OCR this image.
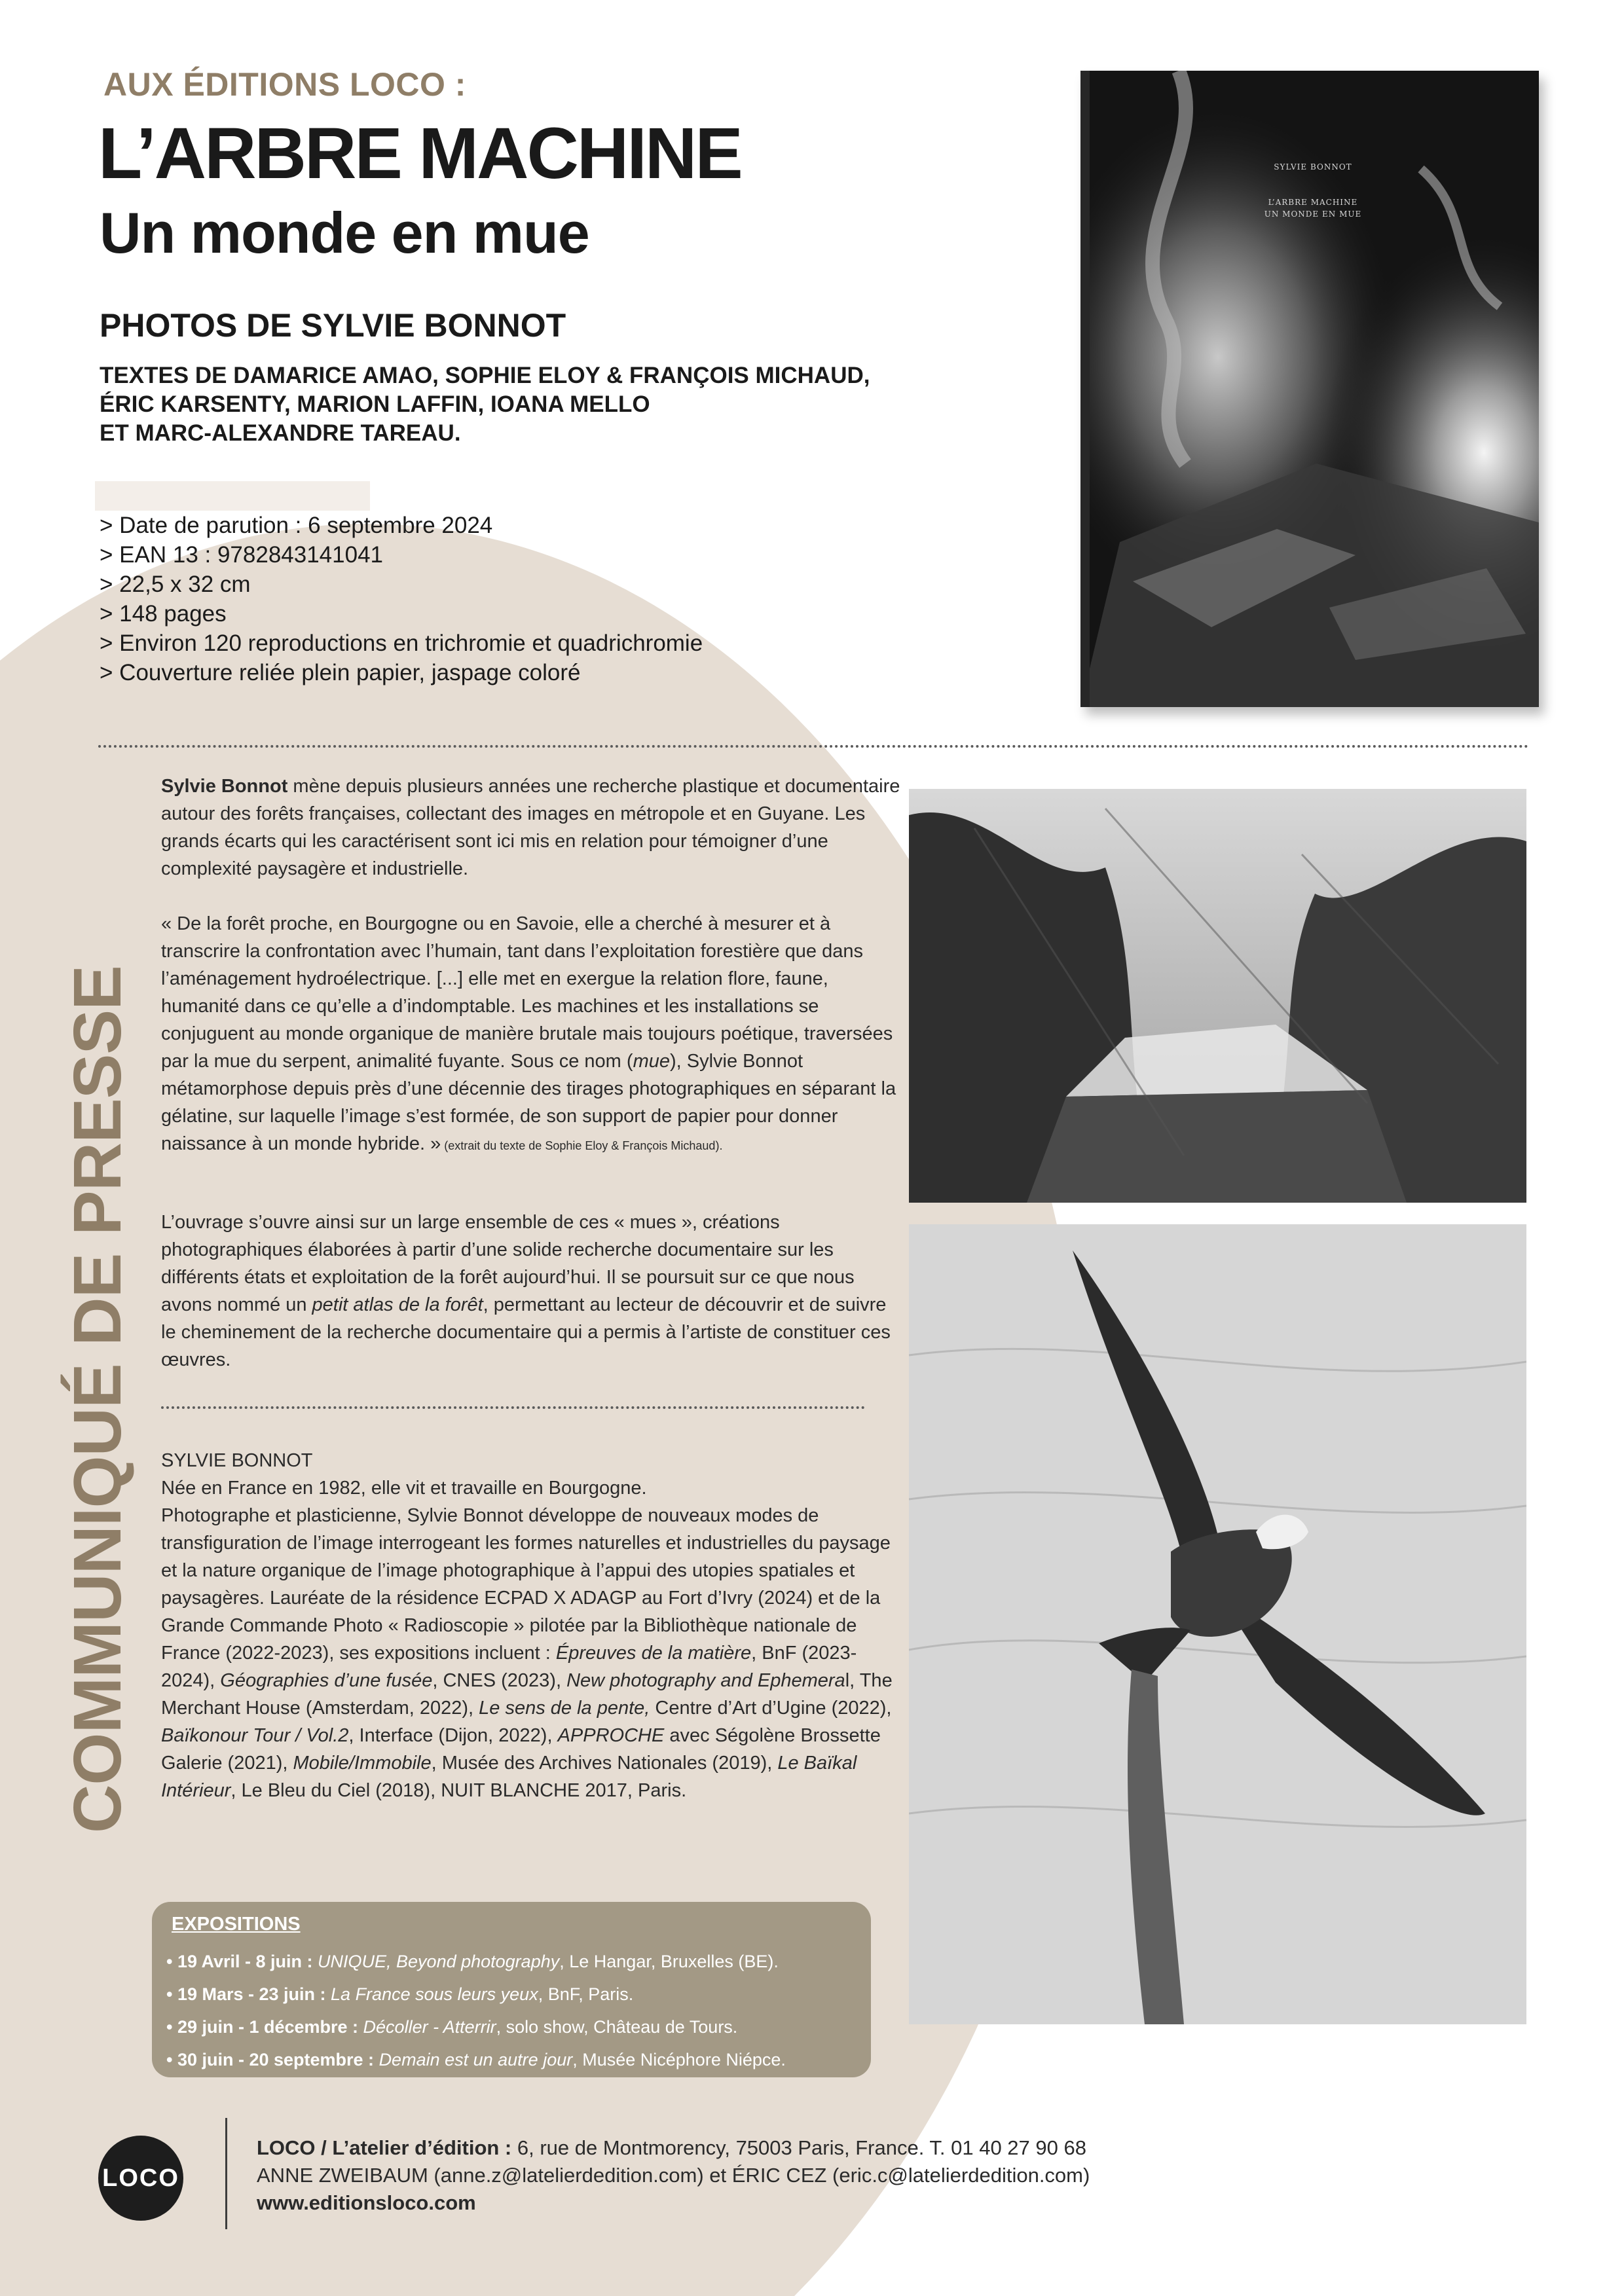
AUX ÉDITIONS LOCO :
L’ARBRE MACHINE
Un monde en mue
PHOTOS DE SYLVIE BONNOT
TEXTES DE DAMARICE AMAO, SOPHIE ELOY & FRANÇOIS MICHAUD,
ÉRIC KARSENTY, MARION LAFFIN, IOANA MELLO
ET MARC-ALEXANDRE TAREAU.
> Date de parution : 6 septembre 2024
> EAN 13 : 9782843141041
> 22,5 x 32 cm
> 148 pages
> Environ 120 reproductions en trichromie et quadrichromie
> Couverture reliée plein papier, jaspage coloré
SYLVIE BONNOT
L’ARBRE MACHINE
UN MONDE EN MUE
COMMUNIQUÉ DE PRESSE

Sylvie Bonnot mène depuis plusieurs années une recherche plastique et documentaire autour des forêts françaises, collectant des images en métropole et en Guyane. Les grands écarts qui les caractérisent sont ici mis en relation pour témoigner d’une complexité paysagère et industrielle.

« De la forêt proche, en Bourgogne ou en Savoie, elle a cherché à mesurer et à transcrire la confrontation avec l’humain, tant dans l’exploitation forestière que dans l’aménagement hydroélectrique. [...] elle met en exergue la relation flore, faune, humanité dans ce qu’elle a d’indomptable. Les machines et les installations se conjuguent au monde organique de manière brutale mais toujours poétique, traversées par la mue du serpent, animalité fuyante. Sous ce nom (mue), Sylvie Bonnot métamorphose depuis près d’une décennie des tirages photographiques en séparant la gélatine, sur laquelle l’image s’est formée, de son support de papier pour donner naissance à un monde hybride. » (extrait du texte de Sophie Eloy & François Michaud).

L’ouvrage s’ouvre ainsi sur un large ensemble de ces « mues », créations photographiques élaborées à partir d’une solide recherche documentaire sur les différents états et exploitation de la forêt aujourd’hui. Il se poursuit sur ce que nous avons nommé un petit atlas de la forêt, permettant au lecteur de découvrir et de suivre le cheminement de la recherche documentaire qui a permis à l’artiste de constituer ces œuvres.

SYLVIE BONNOT

Née en France en 1982, elle vit et travaille en Bourgogne.

Photographe et plasticienne, Sylvie Bonnot développe de nouveaux modes de transfiguration de l’image interrogeant les formes naturelles et industrielles du paysage et la nature organique de l’image photographique à l’appui des utopies spatiales et paysagères. Lauréate de la résidence ECPAD X ADAGP au Fort d’Ivry (2024) et de la Grande Commande Photo « Radioscopie » pilotée par la Bibliothèque nationale de France (2022-2023), ses expositions incluent : Épreuves de la matière, BnF (2023-2024), Géographies d’une fusée, CNES (2023), New photography and Ephemeral, The Merchant House (Amsterdam, 2022), Le sens de la pente, Centre d’Art d’Ugine (2022), Baïkonour Tour / Vol.2, Interface (Dijon, 2022), APPROCHE avec Ségolène Brossette Galerie (2021), Mobile/Immobile, Musée des Archives Nationales (2019), Le Baïkal Intérieur, Le Bleu du Ciel (2018), NUIT BLANCHE 2017, Paris.

EXPOSITIONS
• 19 Avril - 8 juin : UNIQUE, Beyond photography, Le Hangar, Bruxelles (BE).
• 19 Mars - 23 juin : La France sous leurs yeux, BnF, Paris.
• 29 juin - 1 décembre : Décoller - Atterrir, solo show, Château de Tours.
• 30 juin - 20 septembre : Demain est un autre jour, Musée Nicéphore Niépce.
LOCO
LOCO / L’atelier d’édition : 6, rue de Montmorency, 75003 Paris, France. T. 01 40 27 90 68
ANNE ZWEIBAUM (anne.z@latelierdedition.com) et ÉRIC CEZ (eric.c@latelierdedition.com)
www.editionsloco.com
